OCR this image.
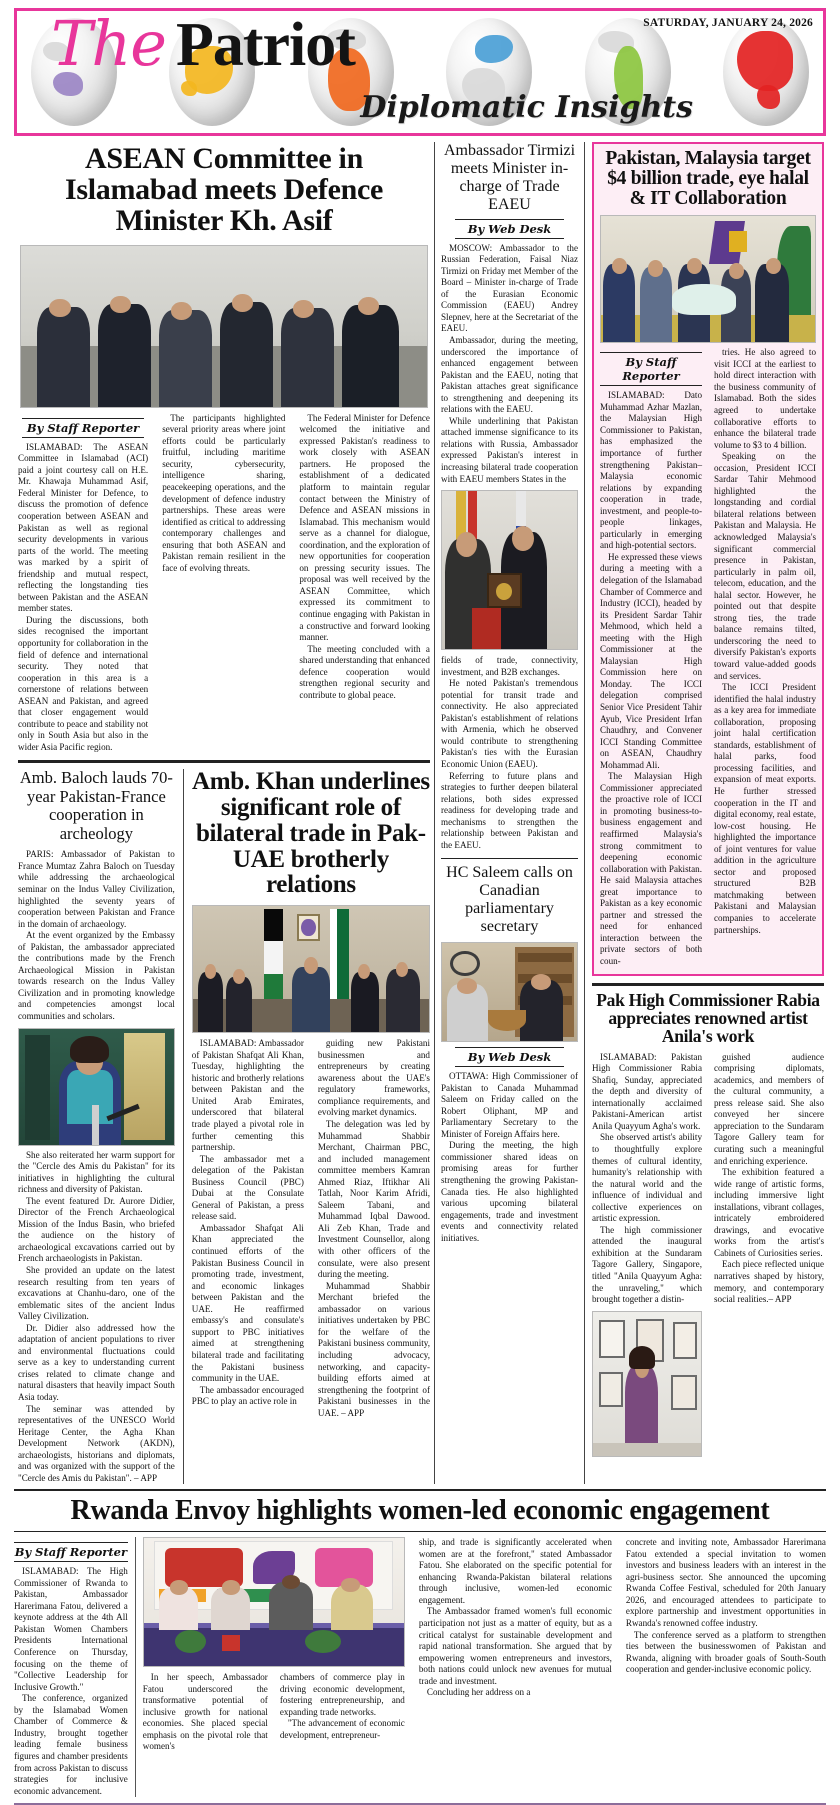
The Patriot
Diplomatic Insights
SATURDAY, JANUARY 24, 2026
ASEAN Committee in Islamabad meets Defence Minister Kh. Asif
By Staff Reporter

ISLAMABAD: The ASEAN Committee in Islamabad (ACI) paid a joint courtesy call on H.E. Mr. Khawaja Muhammad Asif, Federal Minister for Defence, to discuss the promotion of defence cooperation between ASEAN and Pakistan as well as regional security developments in various parts of the world. The meeting was marked by a spirit of friendship and mutual respect, reflecting the longstanding ties between Pakistan and the ASEAN member states.

During the discussions, both sides recognised the important opportunity for collaboration in the field of defence and international security. They noted that cooperation in this area is a cornerstone of relations between ASEAN and Pakistan, and agreed that closer engagement would contribute to peace and stability not only in South Asia but also in the wider Asia Pacific region.

The participants highlighted several priority areas where joint efforts could be particularly fruitful, including maritime security, cybersecurity, intelligence sharing, peacekeeping operations, and the development of defence industry partnerships. These areas were identified as critical to addressing contemporary challenges and ensuring that both ASEAN and Pakistan remain resilient in the face of evolving threats.

The Federal Minister for Defence welcomed the initiative and expressed Pakistan's readiness to work closely with ASEAN partners. He proposed the establishment of a dedicated platform to maintain regular contact between the Ministry of Defence and ASEAN missions in Islamabad. This mechanism would serve as a channel for dialogue, coordination, and the exploration of new opportunities for cooperation on pressing security issues. The proposal was well received by the ASEAN Committee, which expressed its commitment to continue engaging with Pakistan in a constructive and forward looking manner.

The meeting concluded with a shared understanding that enhanced defence cooperation would strengthen regional security and contribute to global peace.

Amb. Baloch lauds 70-year Pakistan-France cooperation in archeology

PARIS: Ambassador of Pakistan to France Mumtaz Zahra Baloch on Tuesday while addressing the archaeological seminar on the Indus Valley Civilization, highlighted the seventy years of cooperation between Pakistan and France in the domain of archaeology.

At the event organized by the Embassy of Pakistan, the ambassador appreciated the contributions made by the French Archaeological Mission in Pakistan towards research on the Indus Valley Civilization and in promoting knowledge and competencies amongst local communities and scholars.

She also reiterated her warm support for the "Cercle des Amis du Pakistan" for its initiatives in highlighting the cultural richness and diversity of Pakistan.

The event featured Dr. Aurore Didier, Director of the French Archaeological Mission of the Indus Basin, who briefed the audience on the history of archaeological excavations carried out by French archaeologists in Pakistan.

She provided an update on the latest research resulting from ten years of excavations at Chanhu-daro, one of the emblematic sites of the ancient Indus Valley Civilization.

Dr. Didier also addressed how the adaptation of ancient populations to river and environmental fluctuations could serve as a key to understanding current crises related to climate change and natural disasters that heavily impact South Asia today.

The seminar was attended by representatives of the UNESCO World Heritage Center, the Agha Khan Development Network (AKDN), archaeologists, historians and diplomats, and was organized with the support of the "Cercle des Amis du Pakistan". – APP

Amb. Khan underlines significant role of bilateral trade in Pak-UAE brotherly relations

ISLAMABAD: Ambassador of Pakistan Shafqat Ali Khan, Tuesday, highlighting the historic and brotherly relations between Pakistan and the United Arab Emirates, underscored that bilateral trade played a pivotal role in further cementing this partnership.

The ambassador met a delegation of the Pakistan Business Council (PBC) Dubai at the Consulate General of Pakistan, a press release said.

Ambassador Shafqat Ali Khan appreciated the continued efforts of the Pakistan Business Council in promoting trade, investment, and economic linkages between Pakistan and the UAE. He reaffirmed embassy's and consulate's support to PBC initiatives aimed at strengthening bilateral trade and facilitating the Pakistani business community in the UAE.

The ambassador encouraged PBC to play an active role in

guiding new Pakistani businessmen and entrepreneurs by creating awareness about the UAE's regulatory frameworks, compliance requirements, and evolving market dynamics.

The delegation was led by Muhammad Shabbir Merchant, Chairman PBC, and included management committee members Kamran Ahmed Riaz, Iftikhar Ali Tatlah, Noor Karim Afridi, Saleem Tabani, and Muhammad Iqbal Dawood. Ali Zeb Khan, Trade and Investment Counsellor, along with other officers of the consulate, were also present during the meeting.

Muhammad Shabbir Merchant briefed the ambassador on various initiatives undertaken by PBC for the welfare of the Pakistani business community, including advocacy, networking, and capacity-building efforts aimed at strengthening the footprint of Pakistani businesses in the UAE. – APP

Ambassador Tirmizi meets Minister in-charge of Trade EAEU
By Web Desk

MOSCOW: Ambassador to the Russian Federation, Faisal Niaz Tirmizi on Friday met Member of the Board – Minister in-charge of Trade of the Eurasian Economic Commission (EAEU) Andrey Slepnev, here at the Secretariat of the EAEU.

Ambassador, during the meeting, underscored the importance of enhanced engagement between Pakistan and the EAEU, noting that Pakistan attaches great significance to strengthening and deepening its relations with the EAEU.

While underlining that Pakistan attached immense significance to its relations with Russia, Ambassador expressed Pakistan's interest in increasing bilateral trade cooperation with EAEU members States in the

fields of trade, connectivity, investment, and B2B exchanges.

He noted Pakistan's tremendous potential for transit trade and connectivity. He also appreciated Pakistan's establishment of relations with Armenia, which he observed would contribute to strengthening Pakistan's ties with the Eurasian Economic Union (EAEU).

Referring to future plans and strategies to further deepen bilateral relations, both sides expressed readiness for developing trade and mechanisms to strengthen the relationship between Pakistan and the EAEU.

HC Saleem calls on Canadian parliamentary secretary
By Web Desk

OTTAWA: High Commissioner of Pakistan to Canada Muhammad Saleem on Friday called on the Robert Oliphant, MP and Parliamentary Secretary to the Minister of Foreign Affairs here.

During the meeting, the high commissioner shared ideas on promising areas for further strengthening the growing Pakistan-Canada ties. He also highlighted various upcoming bilateral engagements, trade and investment events and connectivity related initiatives.

Pakistan, Malaysia target $4 billion trade, eye halal & IT Collaboration
By Staff Reporter

ISLAMABAD: Dato Muhammad Azhar Mazlan, the Malaysian High Commissioner to Pakistan, has emphasized the importance of further strengthening Pakistan–Malaysia economic relations by expanding cooperation in trade, investment, and people-to-people linkages, particularly in emerging and high-potential sectors.

He expressed these views during a meeting with a delegation of the Islamabad Chamber of Commerce and Industry (ICCI), headed by its President Sardar Tahir Mehmood, which held a meeting with the High Commissioner at the Malaysian High Commission here on Monday. The ICCI delegation comprised Senior Vice President Tahir Ayub, Vice President Irfan Chaudhry, and Convener ICCI Standing Committee on ASEAN, Chaudhry Mohammad Ali.

The Malaysian High Commissioner appreciated the proactive role of ICCI in promoting business-to-business engagement and reaffirmed Malaysia's strong commitment to deepening economic collaboration with Pakistan. He said Malaysia attaches great importance to Pakistan as a key economic partner and stressed the need for enhanced interaction between the private sectors of both coun-

tries. He also agreed to visit ICCI at the earliest to hold direct interaction with the business community of Islamabad. Both the sides agreed to undertake collaborative efforts to enhance the bilateral trade volume to $3 to 4 billion.

Speaking on the occasion, President ICCI Sardar Tahir Mehmood highlighted the longstanding and cordial bilateral relations between Pakistan and Malaysia. He acknowledged Malaysia's significant commercial presence in Pakistan, particularly in palm oil, telecom, education, and the halal sector. However, he pointed out that despite strong ties, the trade balance remains tilted, underscoring the need to diversify Pakistan's exports toward value-added goods and services.

The ICCI President identified the halal industry as a key area for immediate collaboration, proposing joint halal certification standards, establishment of halal parks, food processing facilities, and expansion of meat exports. He further stressed cooperation in the IT and digital economy, real estate, low-cost housing. He highlighted the importance of joint ventures for value addition in the agriculture sector and proposed structured B2B matchmaking between Pakistani and Malaysian companies to accelerate partnerships.

Pak High Commissioner Rabia appreciates renowned artist Anila's work

ISLAMABAD: Pakistan High Commissioner Rabia Shafiq, Sunday, appreciated the depth and diversity of internationally acclaimed Pakistani-American artist Anila Quayyum Agha's work.

She observed artist's ability to thoughtfully explore themes of cultural identity, humanity's relationship with the natural world and the influence of individual and collective experiences on artistic expression.

The high commissioner attended the inaugural exhibition at the Sundaram Tagore Gallery, Singapore, titled "Anila Quayyum Agha: the unraveling," which brought together a distin-

guished audience comprising diplomats, academics, and members of the cultural community, a press release said. She also conveyed her sincere appreciation to the Sundaram Tagore Gallery team for curating such a meaningful and enriching experience.

The exhibition featured a wide range of artistic forms, including immersive light installations, vibrant collages, intricately embroidered drawings, and evocative works from the artist's Cabinets of Curiosities series.

Each piece reflected unique narratives shaped by history, memory, and contemporary social realities.– APP

Rwanda Envoy highlights women-led economic engagement
By Staff Reporter

ISLAMABAD: The High Commissioner of Rwanda to Pakistan, Ambassador Harerimana Fatou, delivered a keynote address at the 4th All Pakistan Women Chambers Presidents International Conference on Thursday, focusing on the theme of "Collective Leadership for Inclusive Growth."

The conference, organized by the Islamabad Women Chamber of Commerce & Industry, brought together leading female business figures and chamber presidents from across Pakistan to discuss strategies for inclusive economic advancement.

In her speech, Ambassador Fatou underscored the transformative potential of inclusive growth for national economies. She placed special emphasis on the pivotal role that women's

chambers of commerce play in driving economic development, fostering entrepreneurship, and expanding trade networks.

"The advancement of economic development, entrepreneur-

ship, and trade is significantly accelerated when women are at the forefront," stated Ambassador Fatou. She elaborated on the specific potential for enhancing Rwanda-Pakistan bilateral relations through inclusive, women-led economic engagement.

The Ambassador framed women's full economic participation not just as a matter of equity, but as a critical catalyst for sustainable development and rapid national transformation. She argued that by empowering women entrepreneurs and investors, both nations could unlock new avenues for mutual trade and investment.

Concluding her address on a

concrete and inviting note, Ambassador Harerimana Fatou extended a special invitation to women investors and business leaders with an interest in the agri-business sector. She announced the upcoming Rwanda Coffee Festival, scheduled for 20th January 2026, and encouraged attendees to participate to explore partnership and investment opportunities in Rwanda's renowned coffee industry.

The conference served as a platform to strengthen ties between the businesswomen of Pakistan and Rwanda, aligning with broader goals of South-South cooperation and gender-inclusive economic policy.
